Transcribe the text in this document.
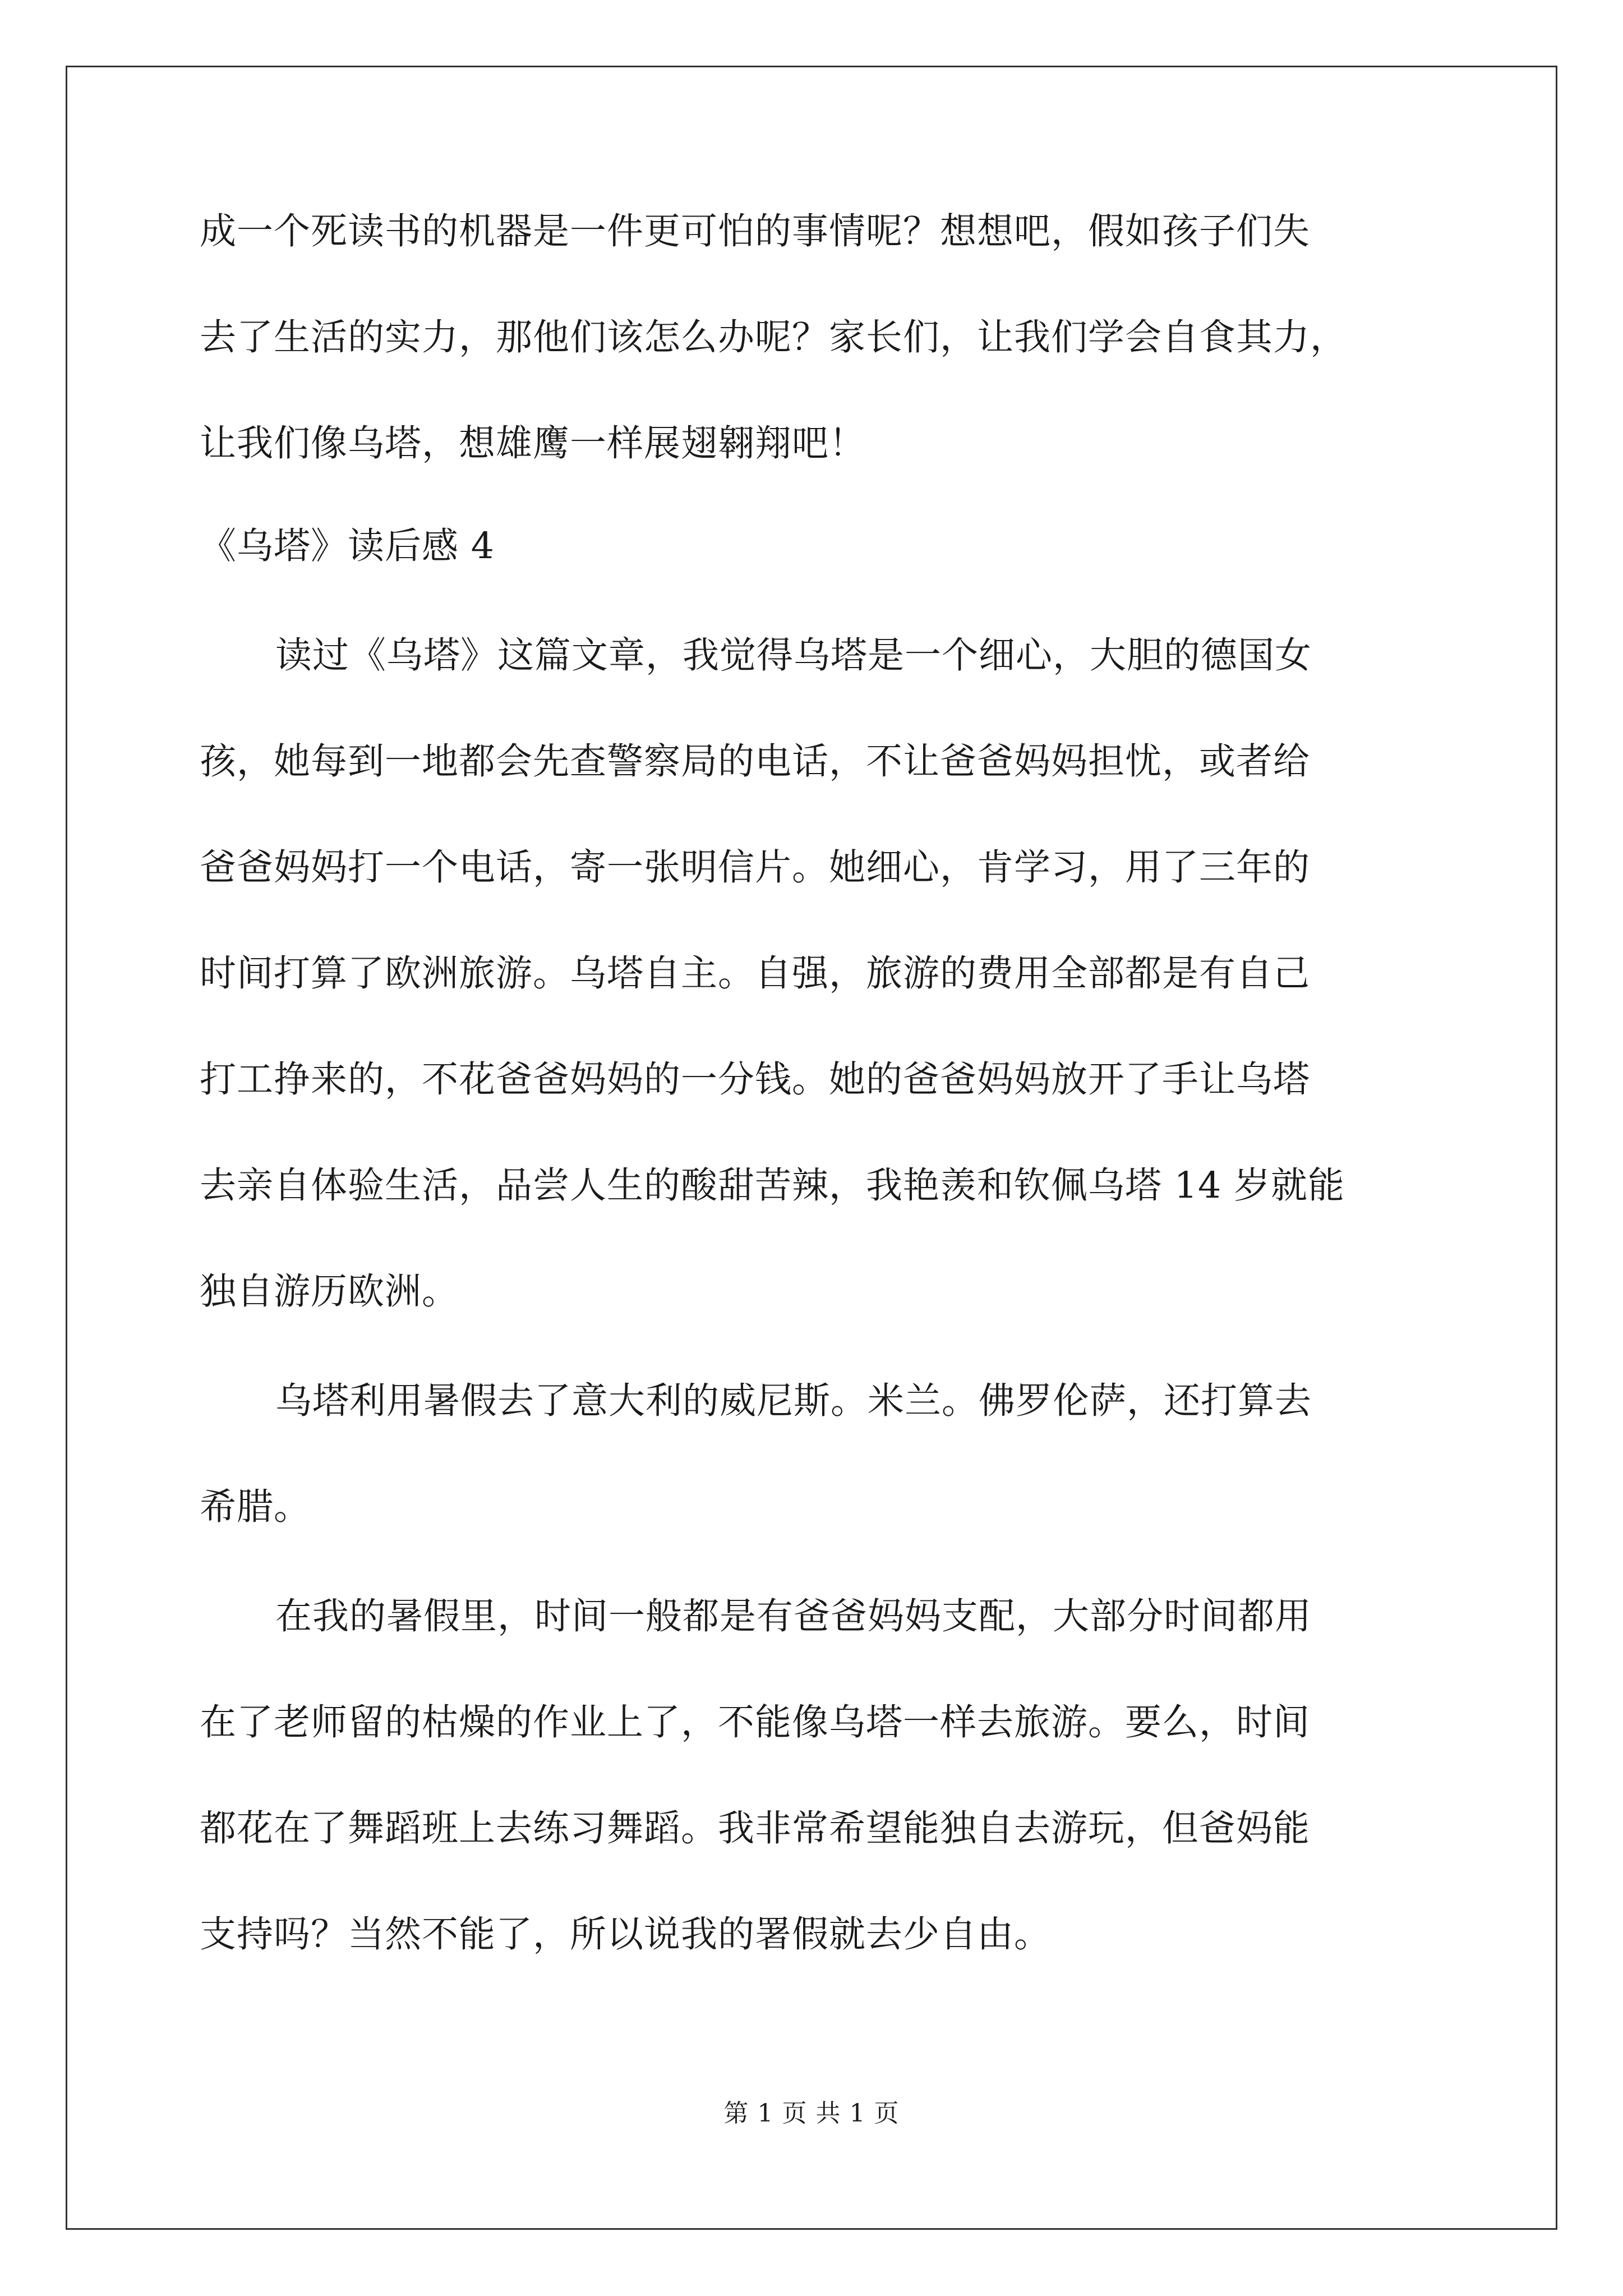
成一个死读书的机器是一件更可怕的事情呢？想想吧，假如孩子们失

去了生活的实力，那他们该怎么办呢？家长们，让我们学会自食其力，

让我们像乌塔，想雄鹰一样展翅翱翔吧！

《乌塔》读后感 4

读过《乌塔》这篇文章，我觉得乌塔是一个细心，大胆的德国女

孩，她每到一地都会先查警察局的电话，不让爸爸妈妈担忧，或者给

爸爸妈妈打一个电话，寄一张明信片。她细心，肯学习，用了三年的

时间打算了欧洲旅游。乌塔自主。自强，旅游的费用全部都是有自己

打工挣来的，不花爸爸妈妈的一分钱。她的爸爸妈妈放开了手让乌塔

去亲自体验生活，品尝人生的酸甜苦辣，我艳羡和钦佩乌塔 14 岁就能

独自游历欧洲。

乌塔利用暑假去了意大利的威尼斯。米兰。佛罗伦萨，还打算去

希腊。

在我的暑假里，时间一般都是有爸爸妈妈支配，大部分时间都用

在了老师留的枯燥的作业上了，不能像乌塔一样去旅游。要么，时间

都花在了舞蹈班上去练习舞蹈。我非常希望能独自去游玩，但爸妈能

支持吗？当然不能了，所以说我的署假就去少自由。

第 1 页 共 1 页
